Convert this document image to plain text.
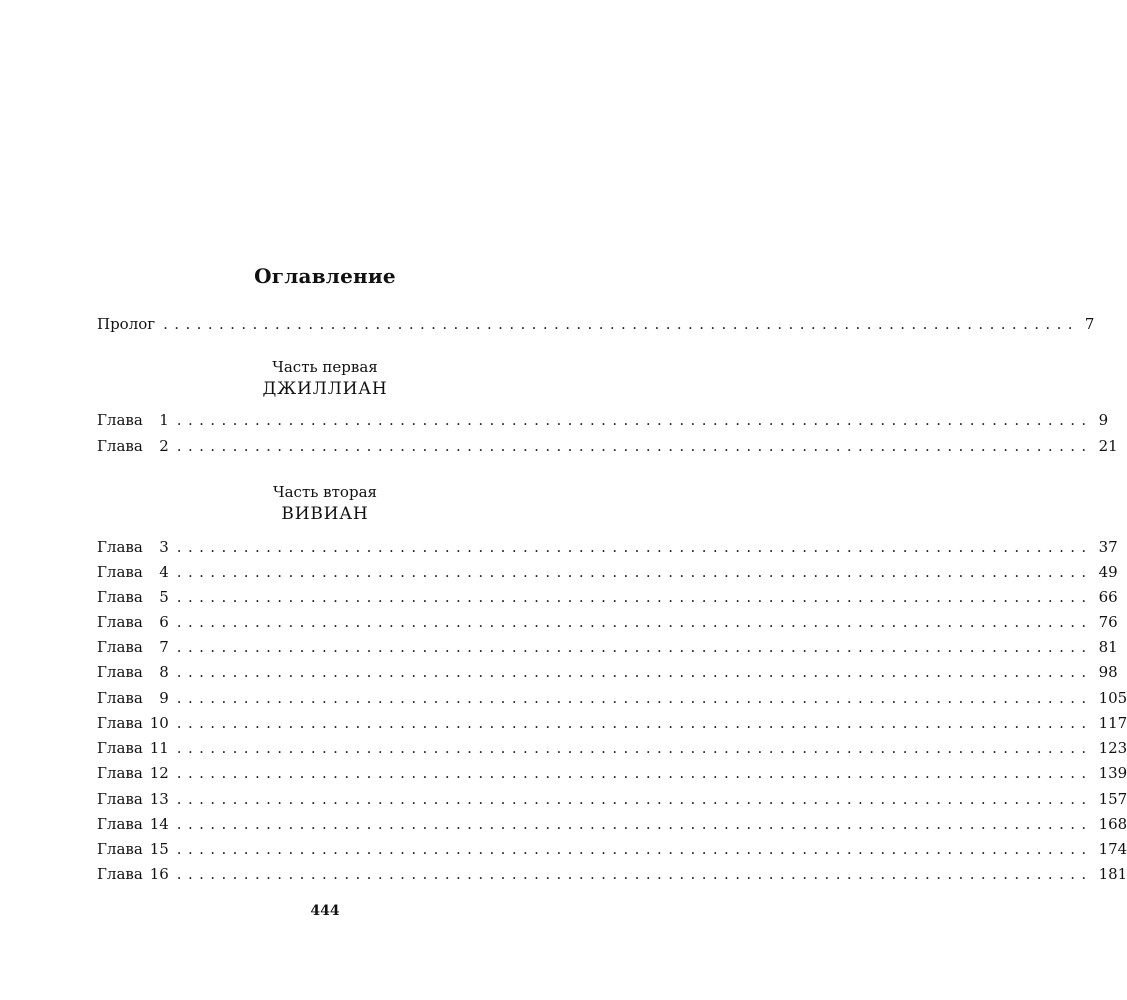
Оглавление
Пролог .................................................................................. 7
Часть первая
ДЖИЛЛИАН
Глава 1 .................................................................................. 9
Глава 2 .................................................................................. 21
Часть вторая
ВИВИАН
Глава 3 .................................................................................. 37
Глава 4 .................................................................................. 49
Глава 5 .................................................................................. 66
Глава 6 .................................................................................. 76
Глава 7 .................................................................................. 81
Глава 8 .................................................................................. 98
Глава 9 .................................................................................. 105
Глава 10 .................................................................................. 117
Глава 11 .................................................................................. 123
Глава 12 .................................................................................. 139
Глава 13 .................................................................................. 157
Глава 14 .................................................................................. 168
Глава 15 .................................................................................. 174
Глава 16 .................................................................................. 181
444
